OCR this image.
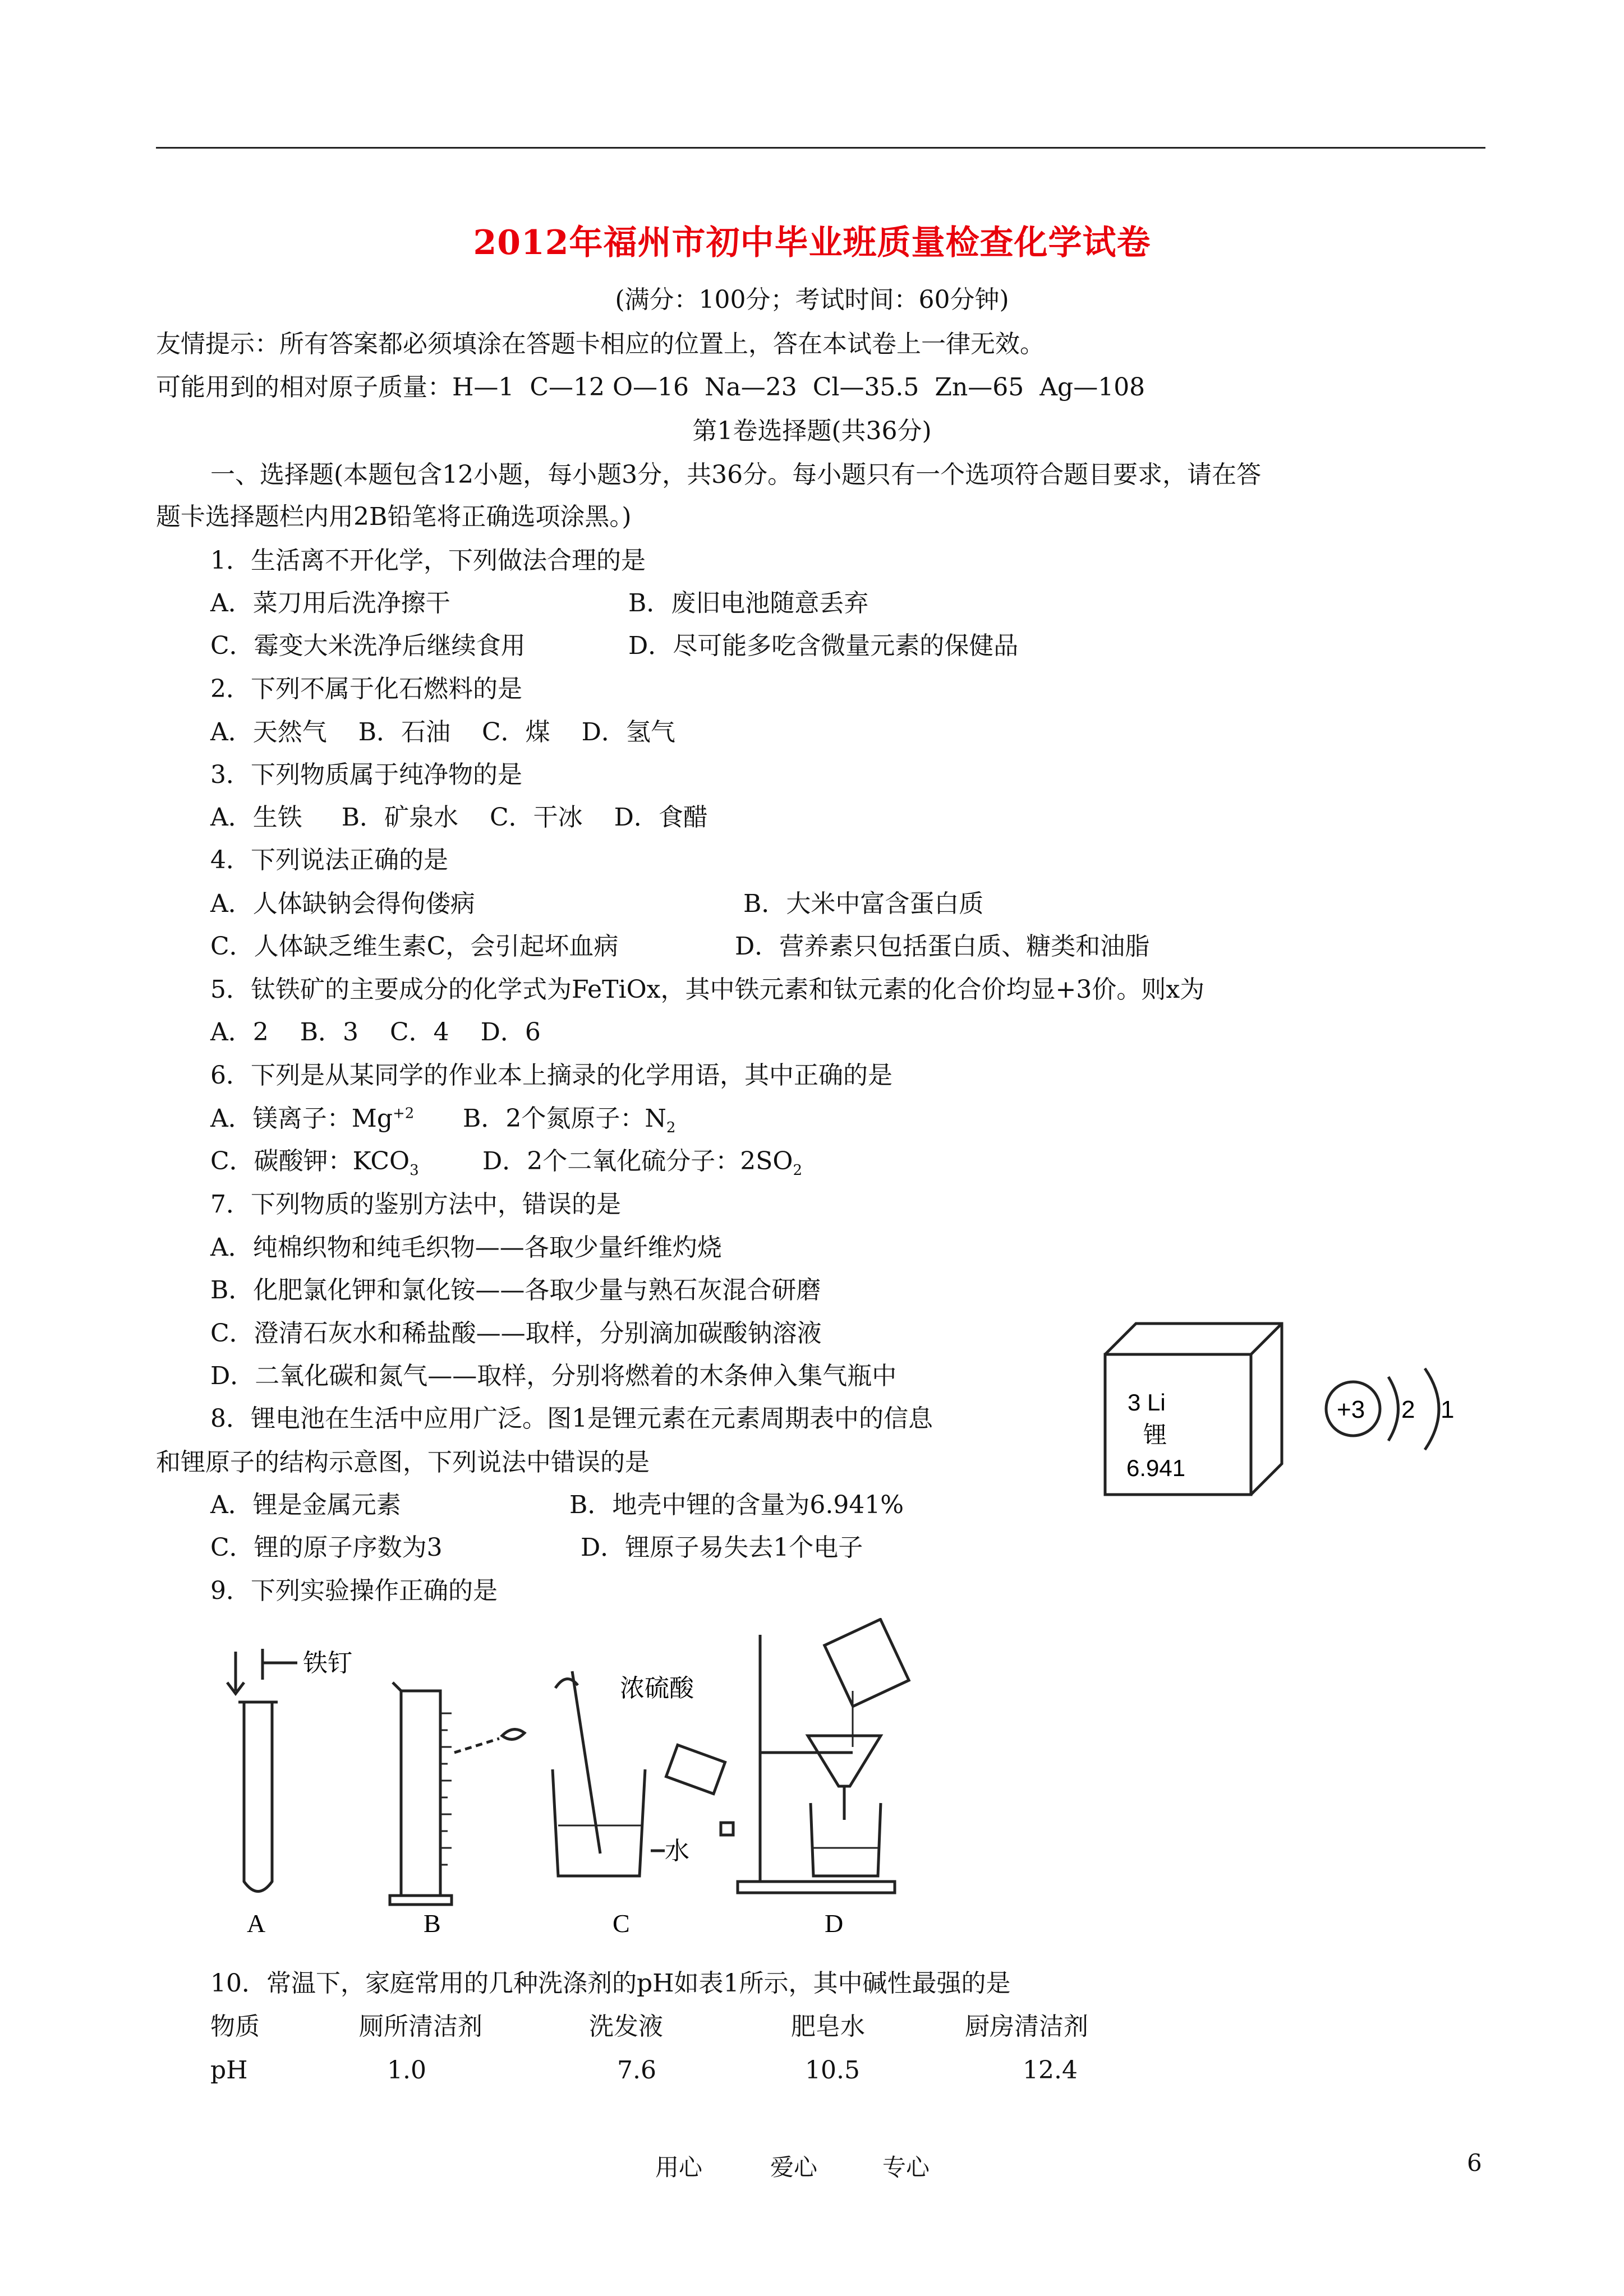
2012年福州市初中毕业班质量检查化学试卷
(满分：100分；考试时间：60分钟)
友情提示：所有答案都必须填涂在答题卡相应的位置上，答在本试卷上一律无效。
可能用到的相对原子质量：H—1  C—12 O—16  Na—23  Cl—35.5  Zn—65  Ag—108
第1卷选择题(共36分)
一、选择题(本题包含12小题，每小题3分，共36分。每小题只有一个选项符合题目要求，请在答
题卡选择题栏内用2B铅笔将正确选项涂黑。)
1．生活离不开化学，下列做法合理的是
A．菜刀用后洗净擦干	B．废旧电池随意丢弃
C．霉变大米洗净后继续食用	D．尽可能多吃含微量元素的保健品
2．下列不属于化石燃料的是
A．天然气    B．石油    C．煤    D．氢气
3．下列物质属于纯净物的是
A．生铁     B．矿泉水    C．干冰    D．食醋
4．下列说法正确的是
A．人体缺钠会得佝偻病	B．大米中富含蛋白质
C．人体缺乏维生素C，会引起坏血病	D．营养素只包括蛋白质、糖类和油脂
5．钛铁矿的主要成分的化学式为FeTiOx，其中铁元素和钛元素的化合价均显+3价。则x为
A．2    B．3    C．4    D．6
6．下列是从某同学的作业本上摘录的化学用语，其中正确的是
A．镁离子：$Mg^{+2}$ B．2个氮原子：$N_2$
C．碳酸钾：$KCO_3$	D．2个二氧化硫分子：$2SO_2$
7．下列物质的鉴别方法中，错误的是
A．纯棉织物和纯毛织物——各取少量纤维灼烧
B．化肥氯化钾和氯化铵——各取少量与熟石灰混合研磨
C．澄清石灰水和稀盐酸——取样，分别滴加碳酸钠溶液
D．二氧化碳和氮气——取样，分别将燃着的木条伸入集气瓶中
8．锂电池在生活中应用广泛。图1是锂元素在元素周期表中的信息
和锂原子的结构示意图，下列说法中错误的是
A．锂是金属元素	B．地壳中锂的含量为6.941%
C．锂的原子序数为3	D．锂原子易失去1个电子
3 Li
锂
6.941
+3 2 1
9．下列实验操作正确的是
铁钉
A	B
浓硫酸
水
C	D
10．常温下，家庭常用的几种洗涤剂的pH如表1所示，其中碱性最强的是
物质	厕所清洁剂	洗发液	肥皂水	厨房清洁剂
pH	1.0	7.6	10.5	12.4
用心	爱心	专心	6
